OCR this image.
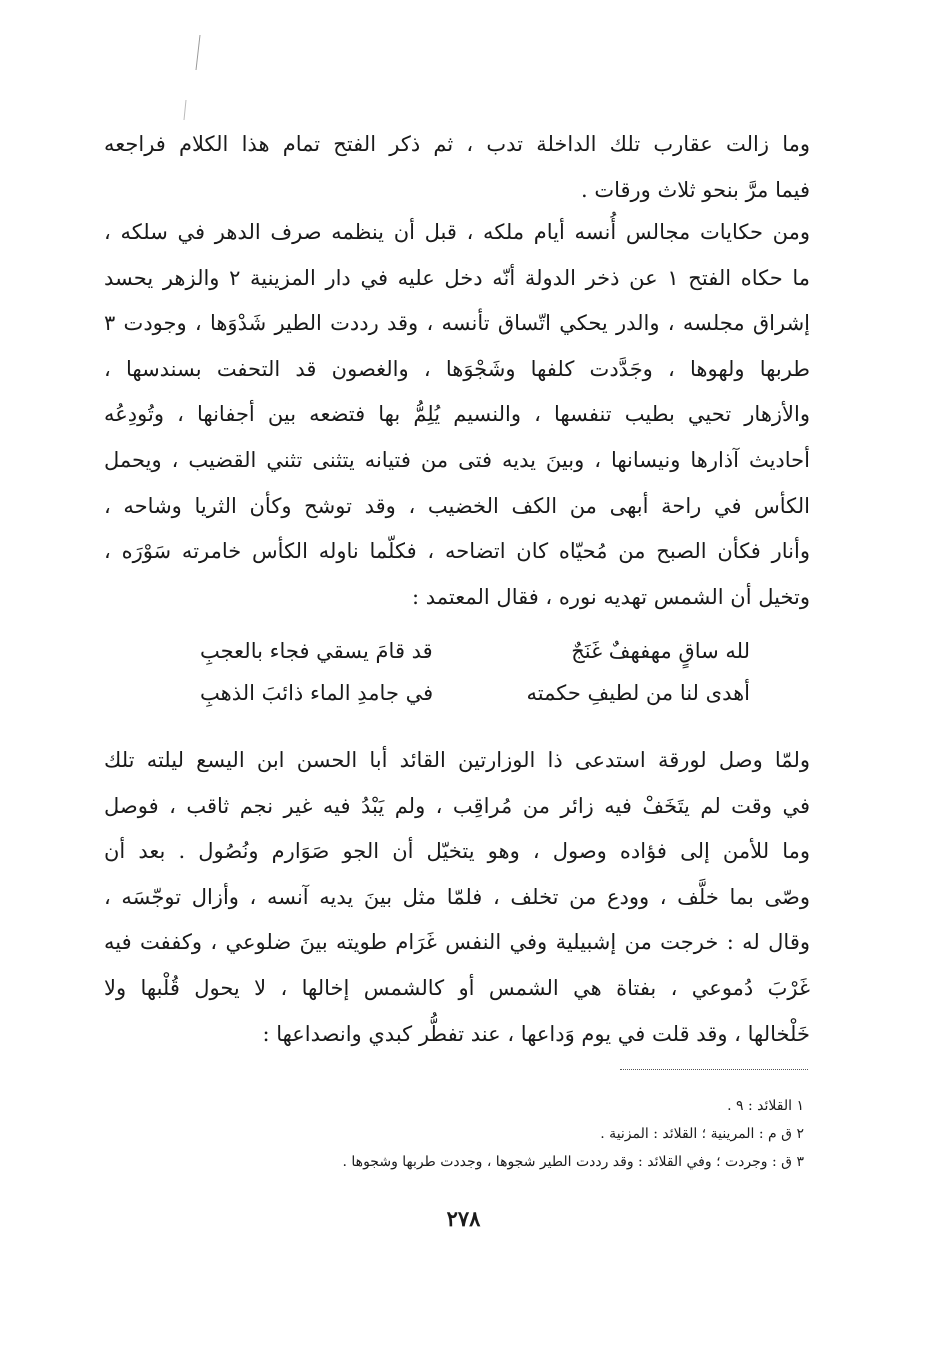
وما زالت عقارب تلك الداخلة تدب ، ثم ذكر الفتح تمام هذا الكلام فراجعه
فيما مرَّ بنحو ثلاث ورقات .
ومن حكايات مجالس أُنسه أيام ملكه ، قبل أن ينظمه صرف الدهر في سلكه ،
ما حكاه الفتح ١ عن ذخر الدولة أنّه دخل عليه في دار المزينية ٢ والزهر يحسد
إشراق مجلسه ، والدر يحكي اتّساق تأنسه ، وقد رددت الطير شَدْوَها ، وجودت ٣
طربها ولهوها ، وجَدَّدت كلفها وشَجْوَها ، والغصون قد التحفت بسندسها ،
والأزهار تحيي بطيب تنفسها ، والنسيم يُلِمُّ بها فتضعه بين أجفانها ، وتُودِعُه
أحاديث آذارها ونيسانها ، وبينَ يديه فتى من فتيانه يتثنى تثني القضيب ، ويحمل
الكأس في راحة أبهى من الكف الخضيب ، وقد توشح وكأن الثريا وشاحه ،
وأنار فكأن الصبح من مُحيّاه كان اتضاحه ، فكلّما ناوله الكأس خامرته سَوْرَه ،
وتخيل أن الشمس تهديه نوره ، فقال المعتمد :
لله ساقٍ مهفهفٌ غَنَجٌ
قد قامَ يسقي فجاء بالعجبِ
أهدى لنا من لطيفِ حكمته
في جامدِ الماء ذائبَ الذهبِ
ولمّا وصل لورقة استدعى ذا الوزارتين القائد أبا الحسن ابن اليسع ليلته تلك
في وقت لم يتَخَفْ فيه زائر من مُراقِب ، ولم يَبْدُ فيه غير نجم ثاقب ، فوصل
وما للأمن إلى فؤاده وصول ، وهو يتخيّل أن الجو صَوَارم ونُصُول . بعد أن
وصّى بما خلَّف ، وودع من تخلف ، فلمّا مثل بينَ يديه آنسه ، وأزال توجّسَه ،
وقال له : خرجت من إشبيلية وفي النفس غَرَام طويته بينَ ضلوعي ، وكففت فيه
غَرْبَ دُموعي ، بفتاة هي الشمس أو كالشمس إخالها ، لا يحول قُلْبها ولا
خَلْخالها ، وقد قلت في يوم وَداعها ، عند تفطُّر كبدي وانصداعها :
١ القلائد : ٩ .
٢ ق م : المرينية ؛ القلائد : المزنية .
٣ ق : وجردت ؛ وفي القلائد : وقد رددت الطير شجوها ، وجددت طربها وشجوها .
٢٧٨
